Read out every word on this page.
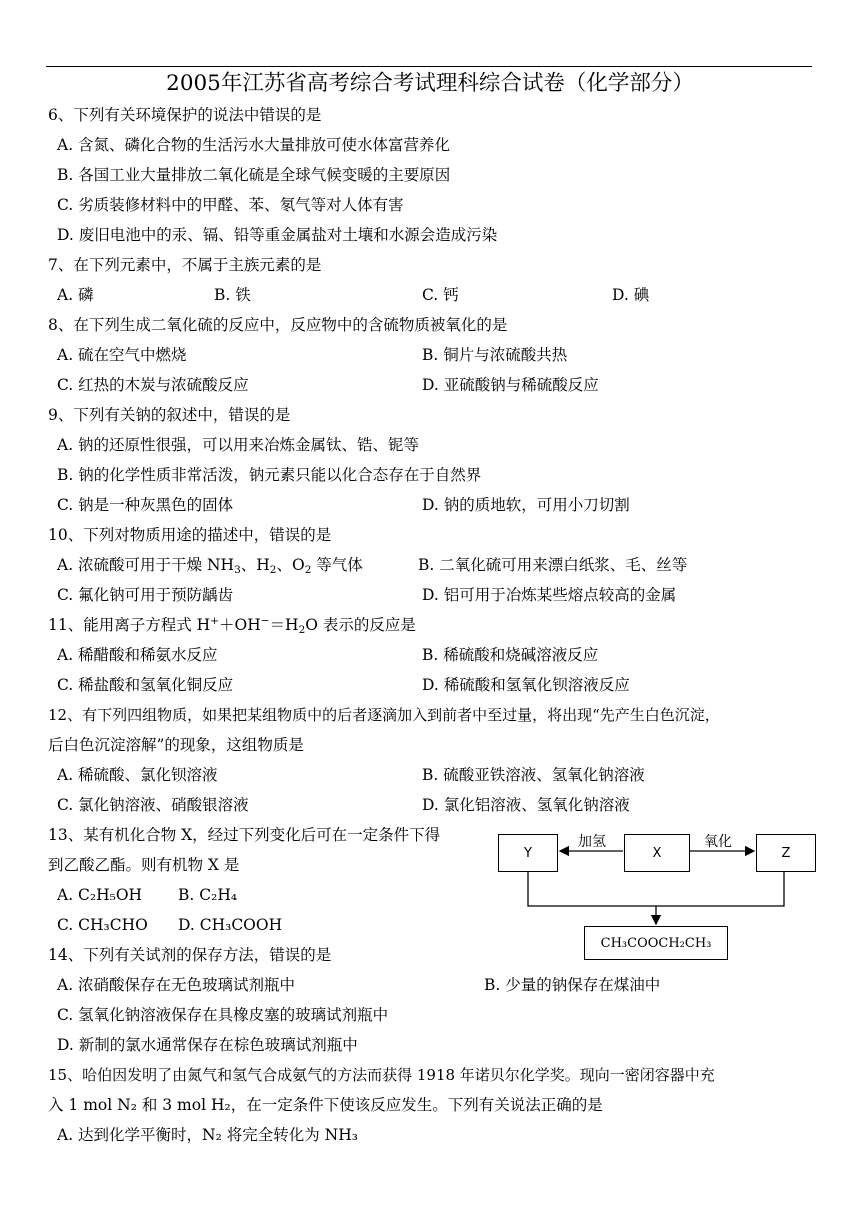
2005年江苏省高考综合考试理科综合试卷（化学部分）
6、下列有关环境保护的说法中错误的是
A. 含氮、磷化合物的生活污水大量排放可使水体富营养化
B. 各国工业大量排放二氧化硫是全球气候变暖的主要原因
C. 劣质装修材料中的甲醛、苯、氡气等对人体有害
D. 废旧电池中的汞、镉、铅等重金属盐对土壤和水源会造成污染
7、在下列元素中，不属于主族元素的是
A. 磷	B. 铁	C. 钙	D. 碘
8、在下列生成二氧化硫的反应中，反应物中的含硫物质被氧化的是
A. 硫在空气中燃烧	B. 铜片与浓硫酸共热
C. 红热的木炭与浓硫酸反应	D. 亚硫酸钠与稀硫酸反应
9、下列有关钠的叙述中，错误的是
A. 钠的还原性很强，可以用来冶炼金属钛、锆、铌等
B. 钠的化学性质非常活泼，钠元素只能以化合态存在于自然界
C. 钠是一种灰黑色的固体	D. 钠的质地软，可用小刀切割
10、下列对物质用途的描述中，错误的是
A. 浓硫酸可用于干燥 $NH_3$、$H_2$、$O_2$ 等气体	B. 二氧化硫可用来漂白纸浆、毛、丝等
C. 氟化钠可用于预防龋齿	D. 铝可用于冶炼某些熔点较高的金属
11、能用离子方程式 $H^++OH^-=H_2O$ 表示的反应是
A. 稀醋酸和稀氨水反应	B. 稀硫酸和烧碱溶液反应
C. 稀盐酸和氢氧化铜反应	D. 稀硫酸和氢氧化钡溶液反应
12、有下列四组物质，如果把某组物质中的后者逐滴加入到前者中至过量，将出现“先产生白色沉淀，
后白色沉淀溶解”的现象，这组物质是
A. 稀硫酸、氯化钡溶液	B. 硫酸亚铁溶液、氢氧化钠溶液
C. 氯化钠溶液、硝酸银溶液	D. 氯化铝溶液、氢氧化钠溶液
13、某有机化合物 X，经过下列变化后可在一定条件下得
到乙酸乙酯。则有机物 X 是
A. C₂H₅OH B. C₂H₄
C. CH₃CHO D. CH₃COOH
Y	X	Z
加氢	氧化
CH₃COOCH₂CH₃
14、下列有关试剂的保存方法，错误的是
A. 浓硝酸保存在无色玻璃试剂瓶中	B. 少量的钠保存在煤油中
C. 氢氧化钠溶液保存在具橡皮塞的玻璃试剂瓶中
D. 新制的氯水通常保存在棕色玻璃试剂瓶中
15、哈伯因发明了由氮气和氢气合成氨气的方法而获得 1918 年诺贝尔化学奖。现向一密闭容器中充
入 1 mol N₂ 和 3 mol H₂，在一定条件下使该反应发生。下列有关说法正确的是
A. 达到化学平衡时，N₂ 将完全转化为 NH₃
